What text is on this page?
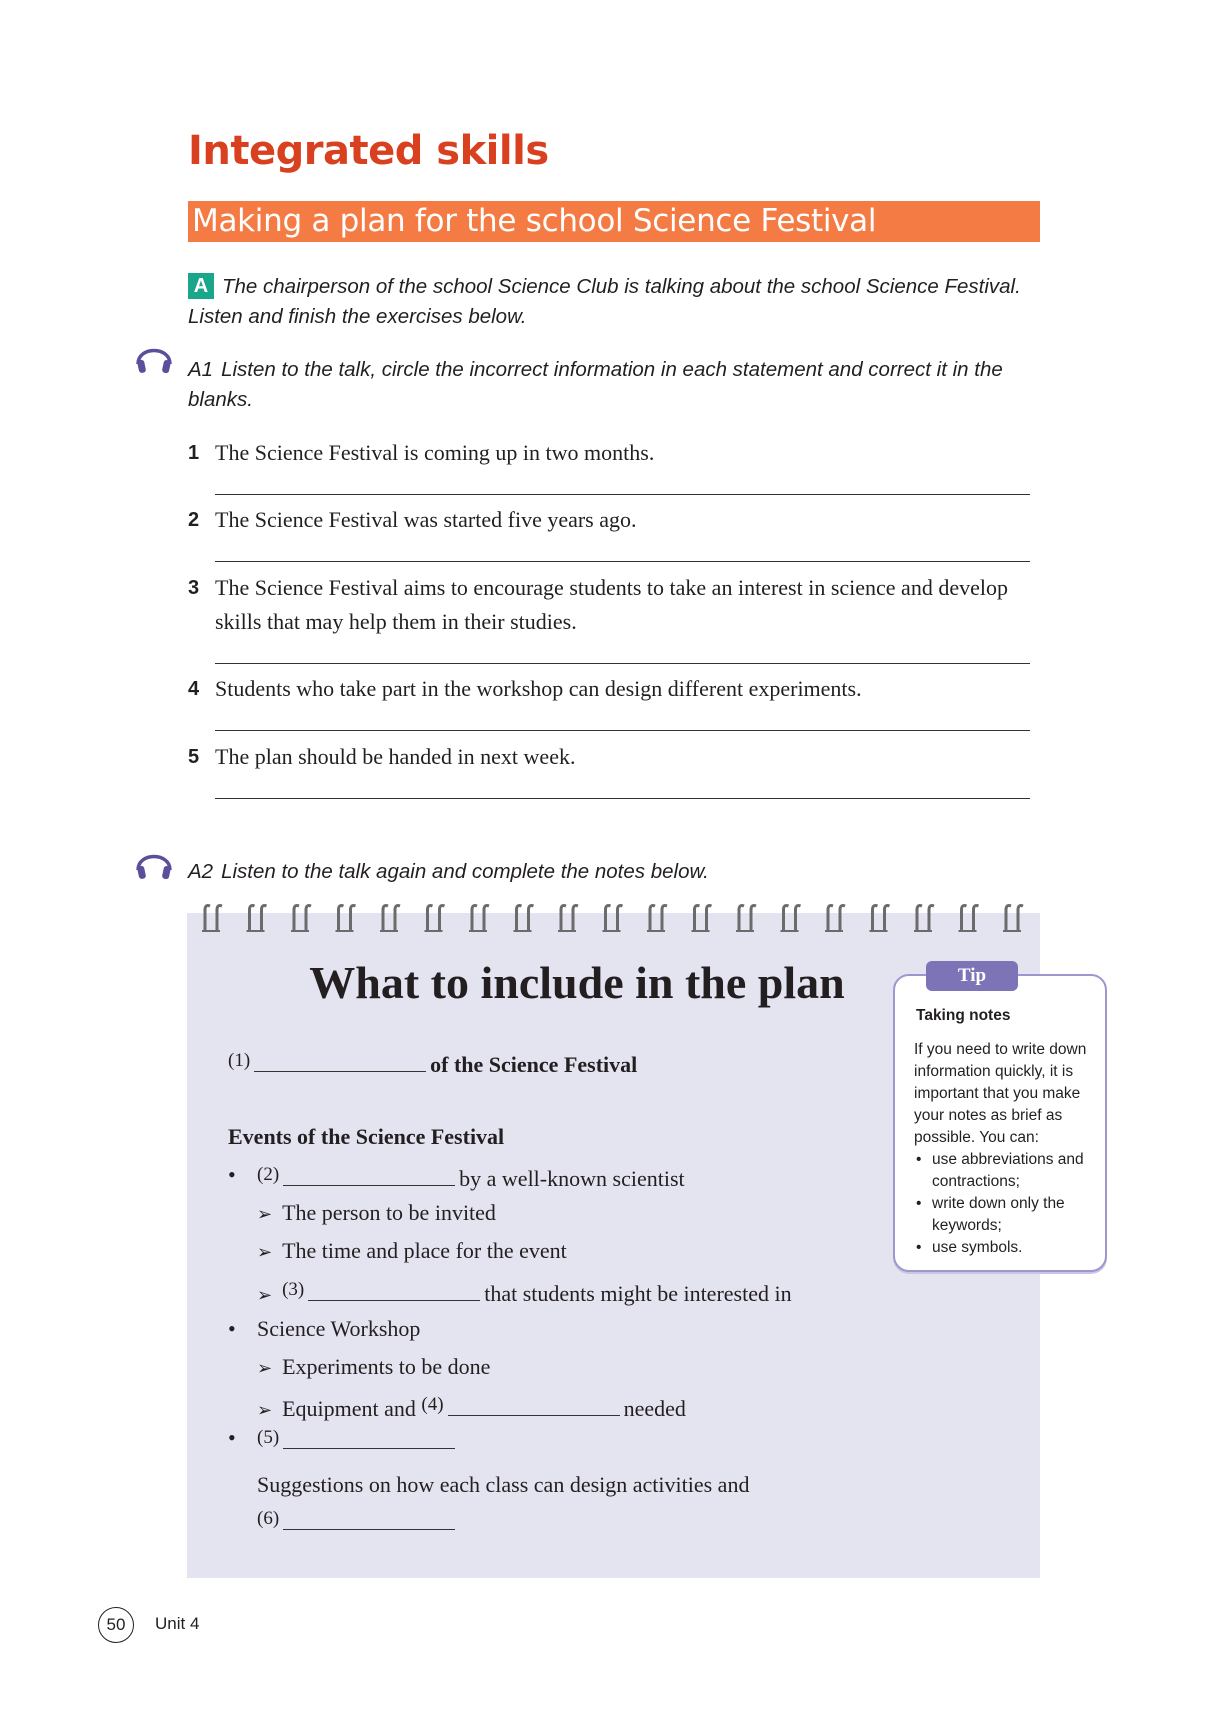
Integrated skills
Making a plan for the school Science Festival
A The chairperson of the school Science Club is talking about the school Science Festival. Listen and finish the exercises below.
A1 Listen to the talk, circle the incorrect information in each statement and correct it in the blanks.
1 The Science Festival is coming up in two months.
2 The Science Festival was started five years ago.
3 The Science Festival aims to encourage students to take an interest in science and develop skills that may help them in their studies.
4 Students who take part in the workshop can design different experiments.
5 The plan should be handed in next week.
A2 Listen to the talk again and complete the notes below.
What to include in the plan
(1)	of the Science Festival
Events of the Science Festival
• (2)	by a well-known scientist
➢ The person to be invited
➢ The time and place for the event
➢ (3)	that students might be interested in
• Science Workshop
➢ Experiments to be done
➢ Equipment and (4)	needed
• (5)
Suggestions on how each class can design activities and
(6)
Tip
Taking notes
If you need to write down information quickly, it is important that you make your notes as brief as possible. You can:
• use abbreviations and contractions;
• write down only the keywords;
• use symbols.
50	Unit 4
